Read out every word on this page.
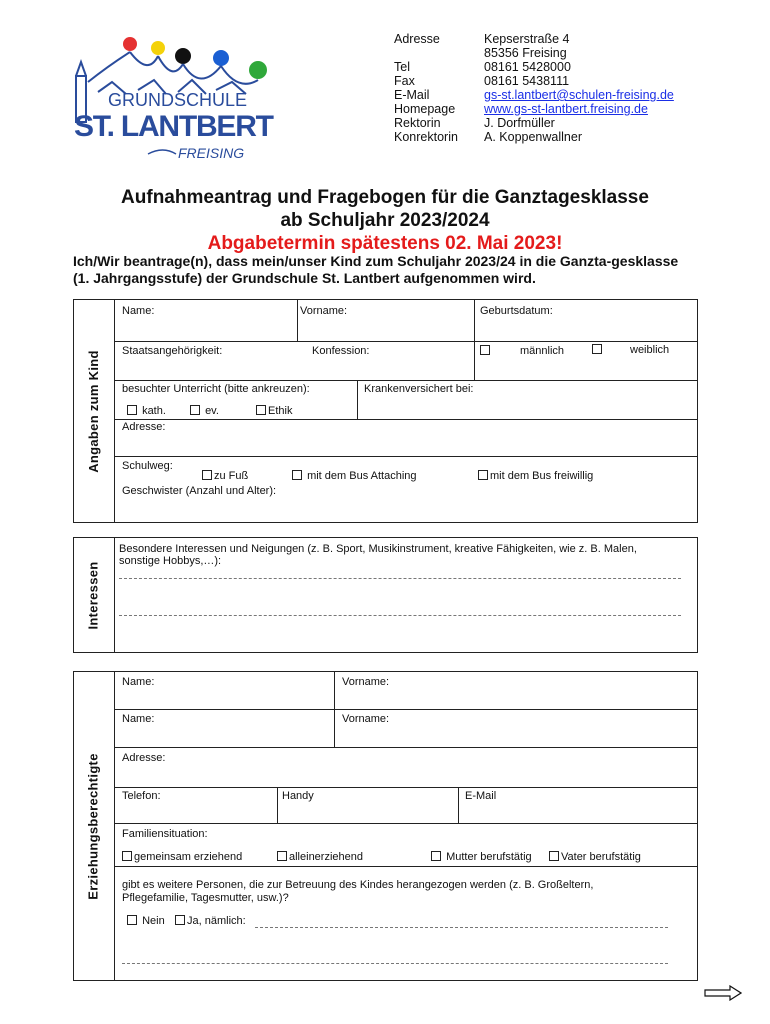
GRUNDSCHULE
ST. LANTBERT
FREISING
Adresse	Kepserstraße 4
85356 Freising
Tel	08161 5428000
Fax	08161 5438111
E-Mail	gs-st.lantbert@schulen-freising.de
Homepage	www.gs-st-lantbert.freising.de
Rektorin	J. Dorfmüller
Konrektorin	A. Koppenwallner
Aufnahmeantrag und Fragebogen für die Ganztagesklasse
ab Schuljahr 2023/2024
Abgabetermin spätestens 02. Mai 2023!
Ich/Wir beantrage(n), dass mein/unser Kind zum Schuljahr 2023/24 in die Ganzta-gesklasse (1. Jahrgangsstufe) der Grundschule St. Lantbert aufgenommen wird.
Angaben zum Kind
Name:	Vorname:	Geburtsdatum:
Staatsangehörigkeit:	Konfession:	männlich	weiblich
besuchter Unterricht (bitte ankreuzen):	Krankenversichert bei:
kath.	ev.	Ethik
Adresse:
Schulweg:
zu Fuß	mit dem Bus Attaching	mit dem Bus freiwillig
Geschwister (Anzahl und Alter):
Interessen
Besondere Interessen und Neigungen (z. B. Sport, Musikinstrument, kreative Fähigkeiten, wie z. B. Malen,
sonstige Hobbys,…):
Erziehungsberechtigte
Name:	Vorname:
Name:	Vorname:
Adresse:
Telefon:	Handy	E-Mail
Familiensituation:
gemeinsam erziehend	alleinerziehend	Mutter berufstätig	Vater berufstätig
gibt es weitere Personen, die zur Betreuung des Kindes herangezogen werden (z. B. Großeltern,
Pflegefamilie, Tagesmutter, usw.)?
Nein	Ja, nämlich:
